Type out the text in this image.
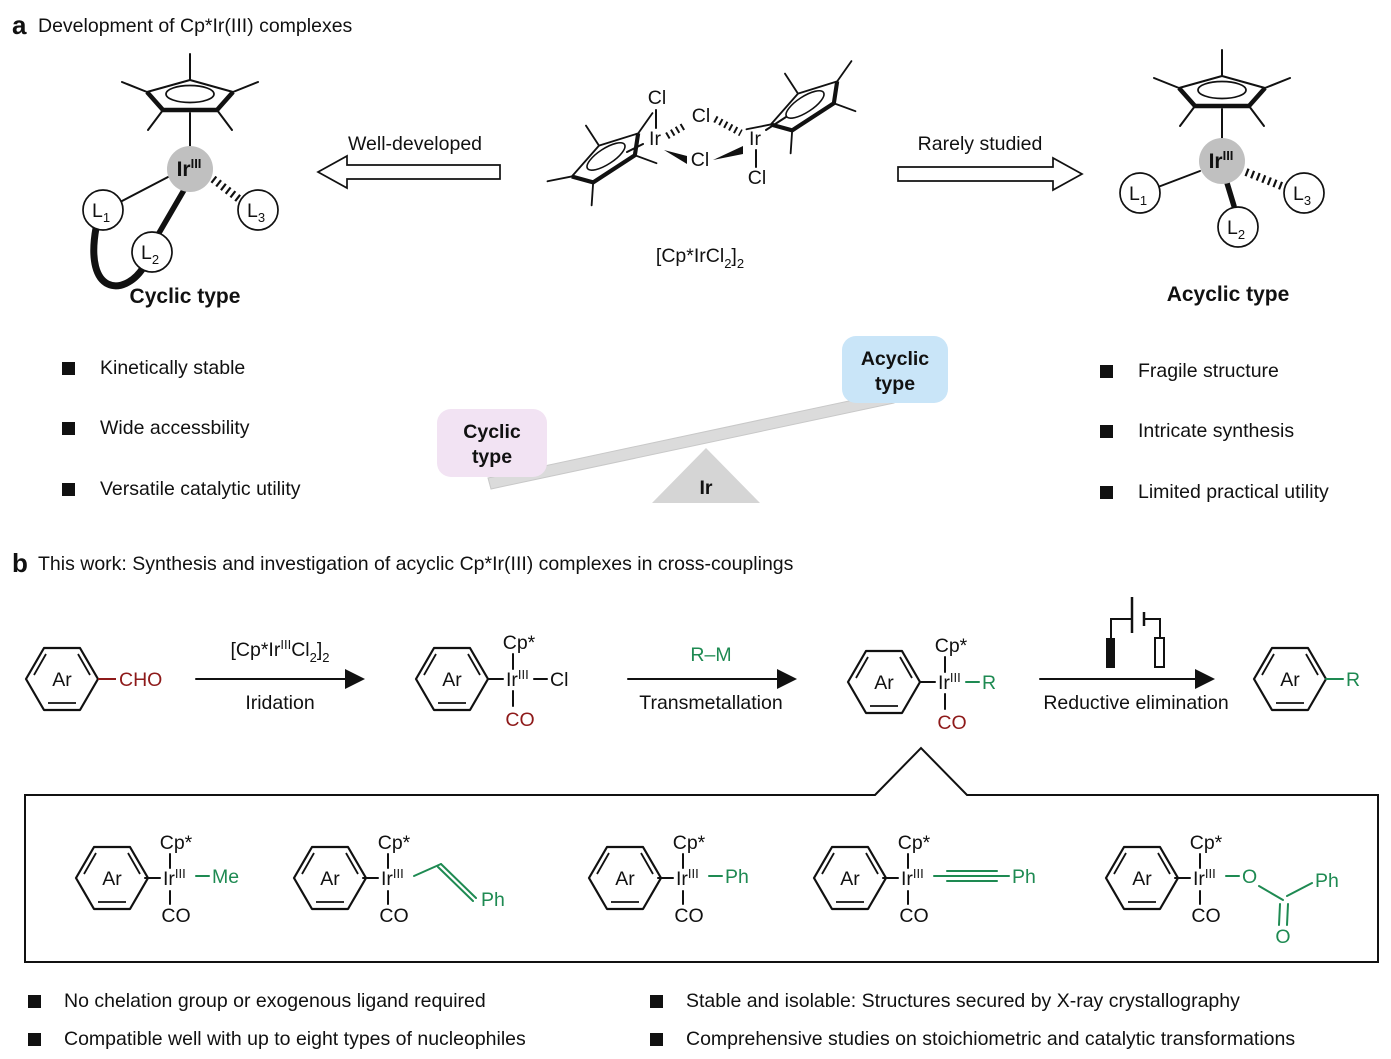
a Development of Cp*Ir(III) complexes
$Ir^{III}$
$L_1$
$L_2$
$L_3$
Cyclic type
Well-developed	Ir	Ir
Cl
Cl
Cl
Cl
$[Cp*IrCl_2]_2$
Rarely studied
$Ir^{III}$
$L_1$
$L_2$
$L_3$
Acyclic type
Kinetically stable
Wide accessbility
Versatile catalytic utility
Fragile structure
Intricate synthesis
Limited practical utility
Ir
Cyclic
type
Acyclic
type
b This work: Synthesis and investigation of acyclic Cp*Ir(III) complexes in cross-couplings
Ar CHO
$[Cp*Ir^{III}Cl_2]_2$
Iridation
Ar
Cp*
$Ir^{III}$ Cl
CO
R–M
Transmetallation
Ar
Cp*
$Ir^{III}$ R
CO
Reductive elimination
Ar R
Ar
Cp*
$Ir^{III}$
CO
Me	Ar
Cp*
$Ir^{III}$
CO
Ph
Ar
Cp*
$Ir^{III}$
CO
Ph	Ar
Cp*
$Ir^{III}$
CO
Ph	Ar
Cp*
$Ir^{III}$
CO
O
O
Ph
No chelation group or exogenous ligand required
Compatible well with up to eight types of nucleophiles
Stable and isolable: Structures secured by X-ray crystallography
Comprehensive studies on stoichiometric and catalytic transformations
